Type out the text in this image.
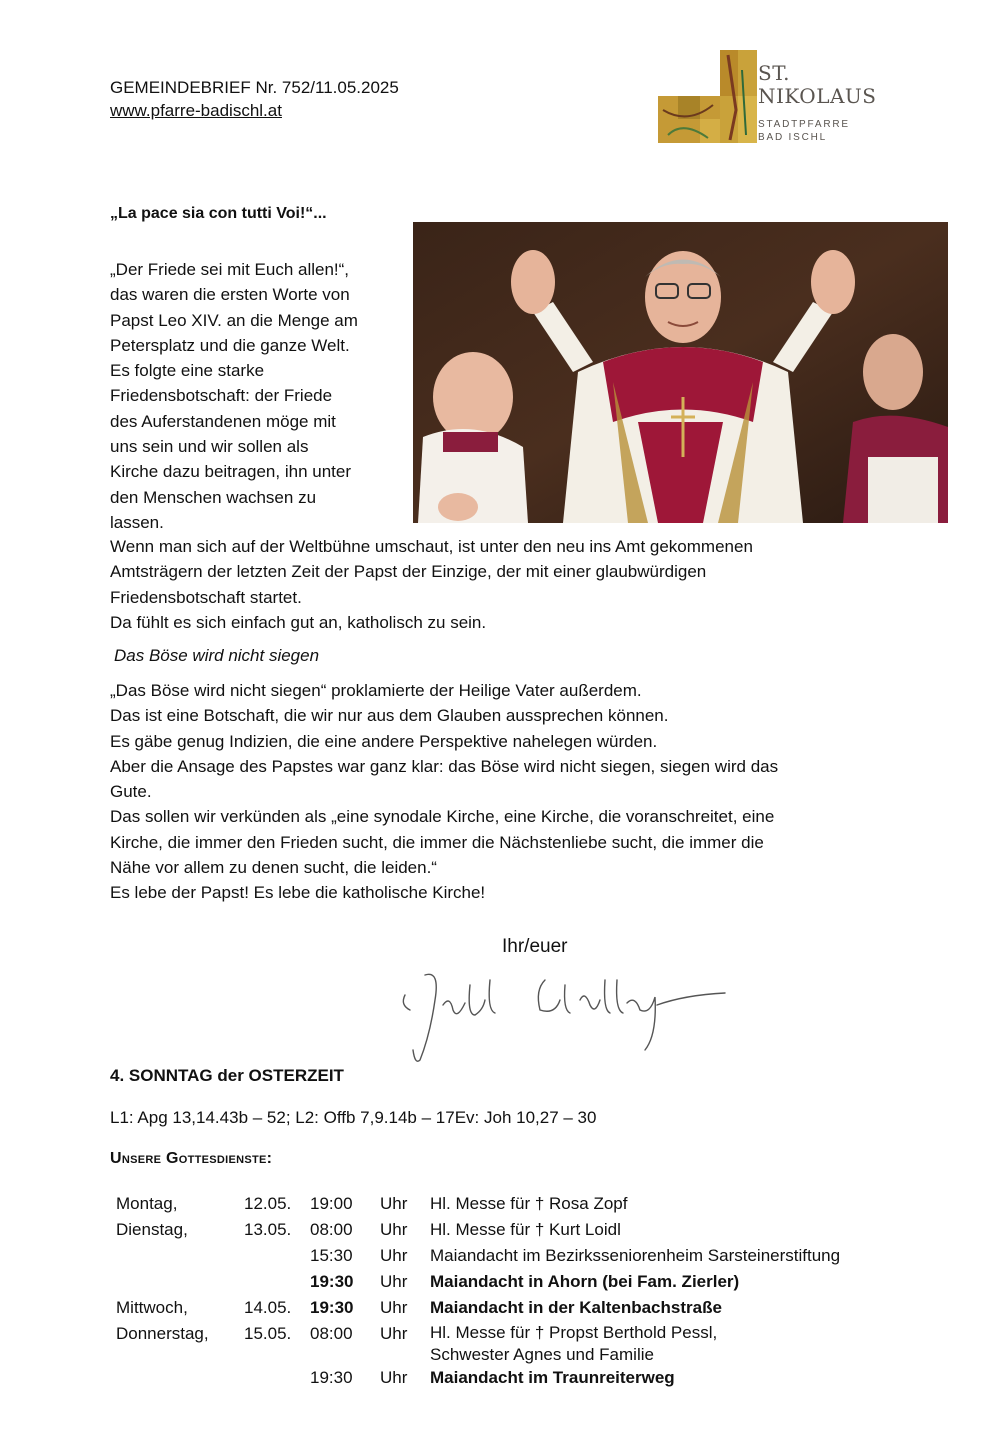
GEMEINDEBRIEF Nr. 752/11.05.2025
www.pfarre-badischl.at
ST.
NIKOLAUS
STADTPFARRE
BAD ISCHL
„La pace sia con tutti Voi!“...
„Der Friede sei mit Euch allen!“,
das waren die ersten Worte von
Papst Leo XIV. an die Menge am
Petersplatz und die ganze Welt.
Es folgte eine starke
Friedensbotschaft: der Friede
des Auferstandenen möge mit
uns sein und wir sollen als
Kirche dazu beitragen, ihn unter
den Menschen wachsen zu
lassen.
Wenn man sich auf der Weltbühne umschaut, ist unter den neu ins Amt gekommenen
Amtsträgern der letzten Zeit der Papst der Einzige, der mit einer glaubwürdigen
Friedensbotschaft startet.
Da fühlt es sich einfach gut an, katholisch zu sein.
Das Böse wird nicht siegen
„Das Böse wird nicht siegen“ proklamierte der Heilige Vater außerdem.
Das ist eine Botschaft, die wir nur aus dem Glauben aussprechen können.
Es gäbe genug Indizien, die eine andere Perspektive nahelegen würden.
Aber die Ansage des Papstes war ganz klar: das Böse wird nicht siegen, siegen wird das
Gute.
Das sollen wir verkünden als „eine synodale Kirche, eine Kirche, die voranschreitet, eine
Kirche, die immer den Frieden sucht, die immer die Nächstenliebe sucht, die immer die
Nähe vor allem zu denen sucht, die leiden.“
Es lebe der Papst! Es lebe die katholische Kirche!
Ihr/euer
4. SONNTAG der OSTERZEIT
L1: Apg 13,14.43b – 52; L2: Offb 7,9.14b – 17Ev: Joh 10,27 – 30
Unsere Gottesdienste:
Montag,	12.05.	19:00	Uhr	Hl. Messe für † Rosa Zopf
Dienstag,	13.05.	08:00	Uhr	Hl. Messe für † Kurt Loidl
		15:30	Uhr	Maiandacht im Bezirksseniorenheim Sarsteinerstiftung
		19:30	Uhr	Maiandacht in Ahorn (bei Fam. Zierler)
Mittwoch,	14.05.	19:30	Uhr	Maiandacht in der Kaltenbachstraße
Donnerstag,	15.05.	08:00	Uhr	Hl. Messe für † Propst Berthold Pessl,
Schwester Agnes und Familie

		19:30	Uhr	Maiandacht im Traunreiterweg
